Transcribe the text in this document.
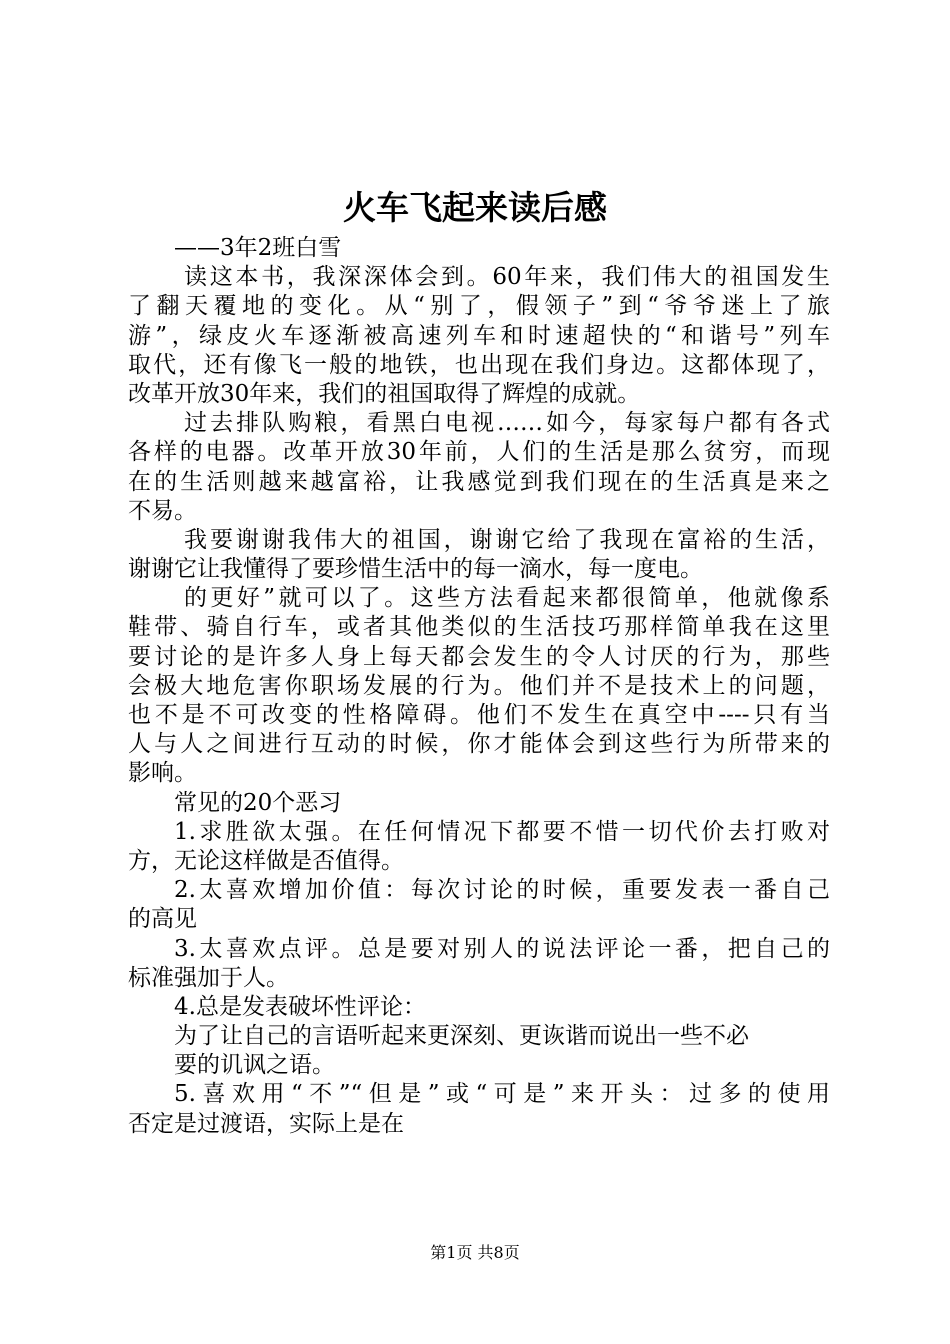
火车飞起来读后感
——3年2班白雪
读这本书，我深深体会到。60年来，我们伟大的祖国发生
了翻天覆地的变化。从“别了，假领子”到“爷爷迷上了旅
游”，绿皮火车逐渐被高速列车和时速超快的“和谐号”列车
取代，还有像飞一般的地铁，也出现在我们身边。这都体现了，
改革开放30年来，我们的祖国取得了辉煌的成就。
过去排队购粮，看黑白电视……如今，每家每户都有各式
各样的电器。改革开放30年前，人们的生活是那么贫穷，而现
在的生活则越来越富裕，让我感觉到我们现在的生活真是来之
不易。
我要谢谢我伟大的祖国，谢谢它给了我现在富裕的生活，
谢谢它让我懂得了要珍惜生活中的每一滴水，每一度电。
的更好”就可以了。这些方法看起来都很简单，他就像系
鞋带、骑自行车，或者其他类似的生活技巧那样简单我在这里
要讨论的是许多人身上每天都会发生的令人讨厌的行为，那些
会极大地危害你职场发展的行为。他们并不是技术上的问题，
也不是不可改变的性格障碍。他们不发生在真空中----只有当
人与人之间进行互动的时候，你才能体会到这些行为所带来的
影响。
常见的20个恶习
1.求胜欲太强。在任何情况下都要不惜一切代价去打败对
方，无论这样做是否值得。
2.太喜欢增加价值：每次讨论的时候，重要发表一番自己
的高见
3.太喜欢点评。总是要对别人的说法评论一番，把自己的
标准强加于人。
4.总是发表破坏性评论：
为了让自己的言语听起来更深刻、更诙谐而说出一些不必
要的讥讽之语。
5.喜欢用“不”“但是”或“可是”来开头：过多的使用
否定是过渡语，实际上是在
第1页 共8页
